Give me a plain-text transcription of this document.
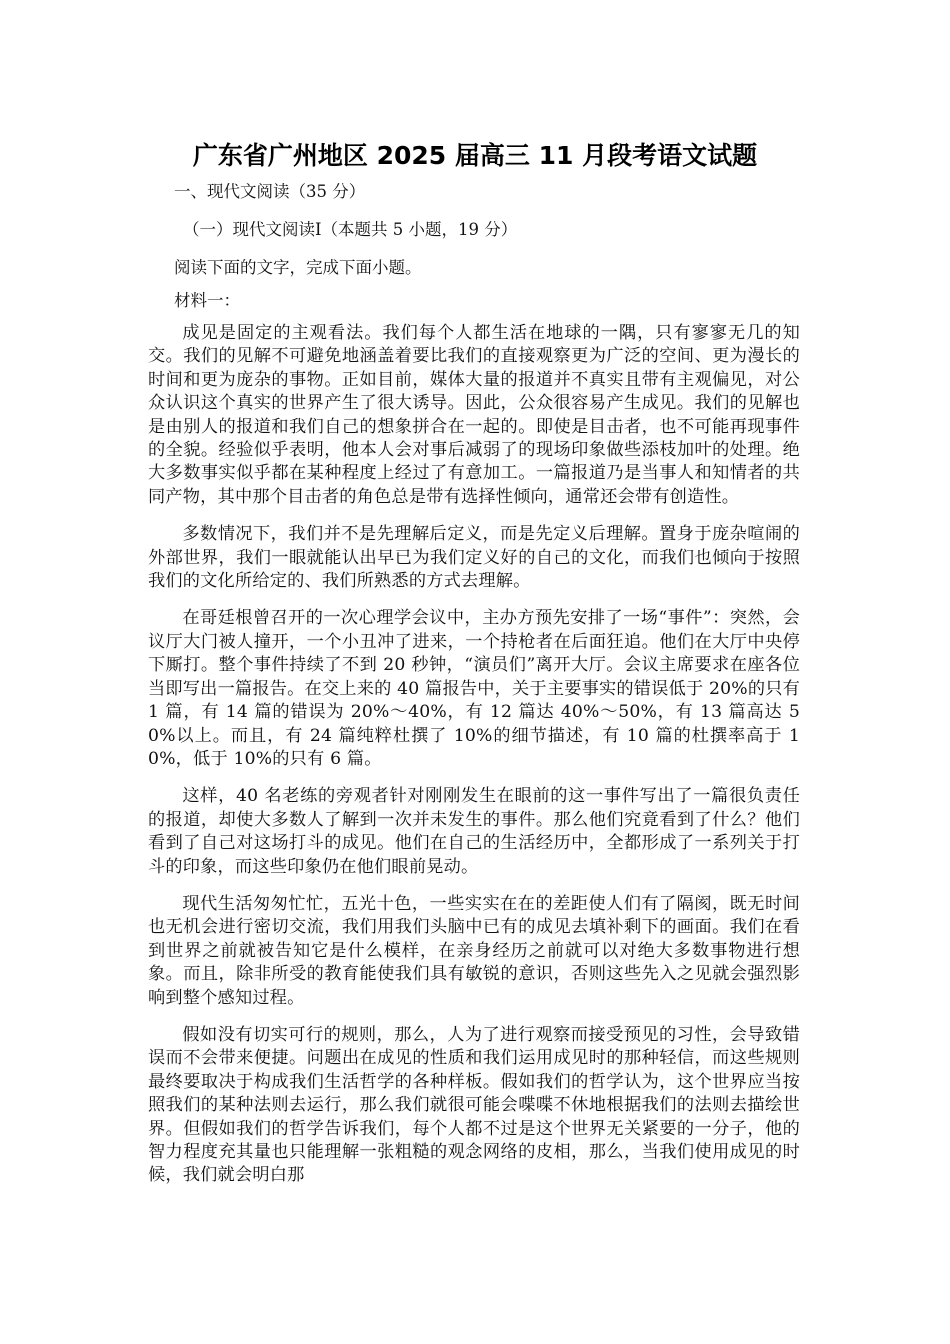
广东省广州地区 2025 届高三 11 月段考语文试题
一、现代文阅读（35 分）
（一）现代文阅读Ⅰ（本题共 5 小题，19 分）
阅读下面的文字，完成下面小题。
材料一：

成见是固定的主观看法。我们每个人都生活在地球的一隅，只有寥寥无几的知交。我们的见解不可避免地涵盖着要比我们的直接观察更为广泛的空间、更为漫长的时间和更为庞杂的事物。正如目前，媒体大量的报道并不真实且带有主观偏见，对公众认识这个真实的世界产生了很大诱导。因此，公众很容易产生成见。我们的见解也是由别人的报道和我们自己的想象拼合在一起的。即使是目击者，也不可能再现事件的全貌。经验似乎表明，他本人会对事后减弱了的现场印象做些添枝加叶的处理。绝大多数事实似乎都在某种程度上经过了有意加工。一篇报道乃是当事人和知情者的共同产物，其中那个目击者的角色总是带有选择性倾向，通常还会带有创造性。

多数情况下，我们并不是先理解后定义，而是先定义后理解。置身于庞杂喧闹的外部世界，我们一眼就能认出早已为我们定义好的自己的文化，而我们也倾向于按照我们的文化所给定的、我们所熟悉的方式去理解。

在哥廷根曾召开的一次心理学会议中，主办方预先安排了一场“事件”：突然，会议厅大门被人撞开，一个小丑冲了进来，一个持枪者在后面狂追。他们在大厅中央停下厮打。整个事件持续了不到 20 秒钟，“演员们”离开大厅。会议主席要求在座各位当即写出一篇报告。在交上来的 40 篇报告中，关于主要事实的错误低于 20%的只有 1 篇，有 14 篇的错误为 20%～40%，有 12 篇达 40%～50%，有 13 篇高达 50%以上。而且，有 24 篇纯粹杜撰了 10%的细节描述，有 10 篇的杜撰率高于 10%，低于 10%的只有 6 篇。

这样，40 名老练的旁观者针对刚刚发生在眼前的这一事件写出了一篇很负责任的报道，却使大多数人了解到一次并未发生的事件。那么他们究竟看到了什么？他们看到了自己对这场打斗的成见。他们在自己的生活经历中，全都形成了一系列关于打斗的印象，而这些印象仍在他们眼前晃动。

现代生活匆匆忙忙，五光十色，一些实实在在的差距使人们有了隔阂，既无时间也无机会进行密切交流，我们用我们头脑中已有的成见去填补剩下的画面。我们在看到世界之前就被告知它是什么模样，在亲身经历之前就可以对绝大多数事物进行想象。而且，除非所受的教育能使我们具有敏锐的意识，否则这些先入之见就会强烈影响到整个感知过程。

假如没有切实可行的规则，那么，人为了进行观察而接受预见的习性，会导致错误而不会带来便捷。问题出在成见的性质和我们运用成见时的那种轻信，而这些规则最终要取决于构成我们生活哲学的各种样板。假如我们的哲学认为，这个世界应当按照我们的某种法则去运行，那么我们就很可能会喋喋不休地根据我们的法则去描绘世界。但假如我们的哲学告诉我们，每个人都不过是这个世界无关紧要的一分子，他的智力程度充其量也只能理解一张粗糙的观念网络的皮相，那么，当我们使用成见的时候，我们就会明白那
